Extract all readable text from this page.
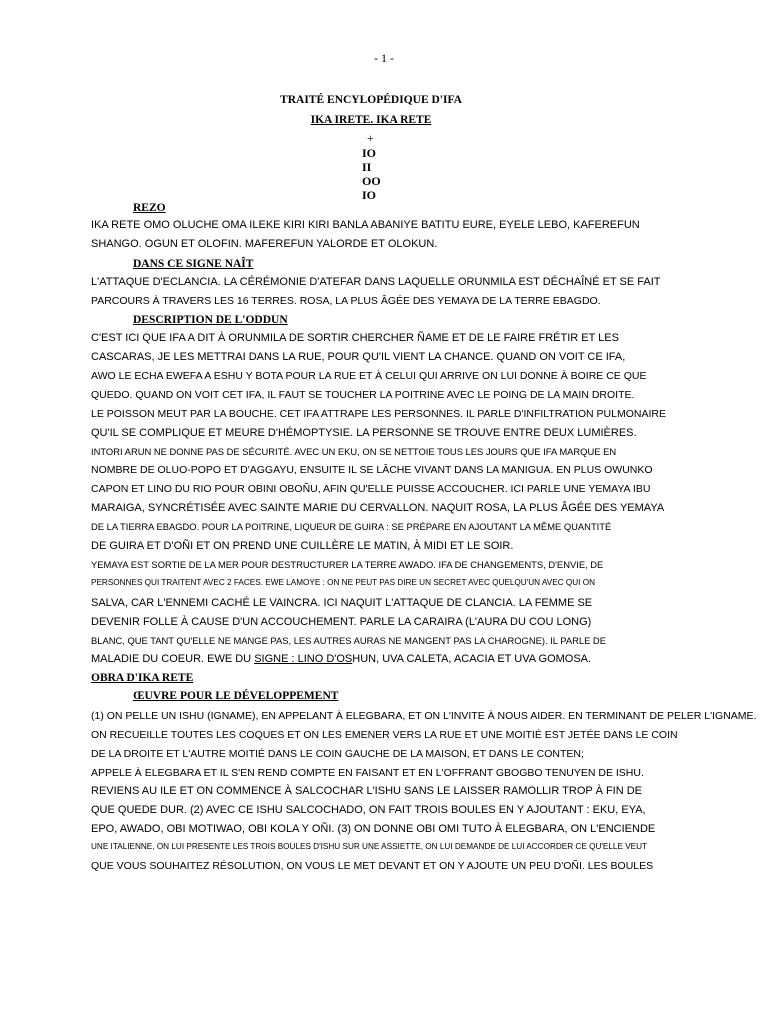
- 1 -
TRAITÉ ENCYLOPÉDIQUE D'IFA
IKA IRETE. IKA RETE
+
IO
II
OO
IO
REZO
IKA RETE OMO OLUCHE OMA ILEKE KIRI KIRI BANLA ABANIYE BATITU EURE, EYELE LEBO, KAFEREFUN
SHANGO. OGUN ET OLOFIN. MAFEREFUN YALORDE ET OLOKUN.
DANS CE SIGNE NAÎT
L'ATTAQUE D'ECLANCIA. LA CÉRÉMONIE D'ATEFAR DANS LAQUELLE ORUNMILA EST DÉCHAÎNÉ ET SE FAIT
PARCOURS À TRAVERS LES 16 TERRES. ROSA, LA PLUS ÂGÉE DES YEMAYA DE LA TERRE EBAGDO.
DESCRIPTION DE L'ODDUN
C'EST ICI QUE IFA A DIT À ORUNMILA DE SORTIR CHERCHER ÑAME ET DE LE FAIRE FRÉTIR ET LES
CASCARAS, JE LES METTRAI DANS LA RUE, POUR QU'IL VIENT LA CHANCE. QUAND ON VOIT CE IFA,
AWO LE ECHA EWEFA A ESHU Y BOTA POUR LA RUE ET À CELUI QUI ARRIVE ON LUI DONNE À BOIRE CE QUE
QUEDO. QUAND ON VOIT CET IFA, IL FAUT SE TOUCHER LA POITRINE AVEC LE POING DE LA MAIN DROITE.
LE POISSON MEUT PAR LA BOUCHE. CET IFA ATTRAPE LES PERSONNES. IL PARLE D'INFILTRATION PULMONAIRE
QU'IL SE COMPLIQUE ET MEURE D'HÉMOPTYSIE. LA PERSONNE SE TROUVE ENTRE DEUX LUMIÈRES.
INTORI ARUN NE DONNE PAS DE SÉCURITÉ. AVEC UN EKU, ON SE NETTOIE TOUS LES JOURS QUE IFA MARQUE EN
NOMBRE DE OLUO-POPO ET D'AGGAYU, ENSUITE IL SE LÂCHE VIVANT DANS LA MANIGUA. EN PLUS OWUNKO
CAPON ET LINO DU RIO POUR OBINI OBOÑU, AFIN QU'ELLE PUISSE ACCOUCHER. ICI PARLE UNE YEMAYA IBU
MARAIGA, SYNCRÉTISÉE AVEC SAINTE MARIE DU CERVALLON. NAQUIT ROSA, LA PLUS ÂGÉE DES YEMAYA
DE LA TIERRA EBAGDO. POUR LA POITRINE, LIQUEUR DE GUIRA : SE PRÉPARE EN AJOUTANT LA MÊME QUANTITÉ
DE GUIRA ET D'OÑI ET ON PREND UNE CUILLÈRE LE MATIN, À MIDI ET LE SOIR.
YEMAYA EST SORTIE DE LA MER POUR DESTRUCTURER LA TERRE AWADO. IFA DE CHANGEMENTS, D'ENVIE, DE
PERSONNES QUI TRAITENT AVEC 2 FACES. EWE LAMOYE : ON NE PEUT PAS DIRE UN SECRET AVEC QUELQU'UN AVEC QUI ON
SALVA, CAR L'ENNEMI CACHÉ LE VAINCRA. ICI NAQUIT L'ATTAQUE DE CLANCIA. LA FEMME SE
DEVENIR FOLLE À CAUSE D'UN ACCOUCHEMENT. PARLE LA CARAIRA (L'AURA DU COU LONG)
BLANC, QUE TANT QU'ELLE NE MANGE PAS, LES AUTRES AURAS NE MANGENT PAS LA CHAROGNE). IL PARLE DE
MALADIE DU COEUR. EWE DU SIGNE : LINO D'OSHUN, UVA CALETA, ACACIA ET UVA GOMOSA.
OBRA D'IKA RETE
ŒUVRE POUR LE DÉVELOPPEMENT
(1) ON PELLE UN ISHU (IGNAME), EN APPELANT À ELEGBARA, ET ON L'INVITE À NOUS AIDER. EN TERMINANT DE PELER L'IGNAME.
ON RECUEILLE TOUTES LES COQUES ET ON LES EMENER VERS LA RUE ET UNE MOITIÉ EST JETÉE DANS LE COIN
DE LA DROITE ET L'AUTRE MOITIÉ DANS LE COIN GAUCHE DE LA MAISON, ET DANS LE CONTEN;
APPELE À ELEGBARA ET IL S'EN REND COMPTE EN FAISANT ET EN L'OFFRANT GBOGBO TENUYEN DE ISHU.
REVIENS AU ILE ET ON COMMENCE À SALCOCHAR L'ISHU SANS LE LAISSER RAMOLLIR TROP À FIN DE
QUE QUEDE DUR. (2) AVEC CE ISHU SALCOCHADO, ON FAIT TROIS BOULES EN Y AJOUTANT : EKU, EYA,
EPO, AWADO, OBI MOTIWAO, OBI KOLA Y OÑI. (3) ON DONNE OBI OMI TUTO À ELEGBARA, ON L'ENCIENDE
UNE ITALIENNE, ON LUI PRESENTE LES TROIS BOULES D'ISHU SUR UNE ASSIETTE, ON LUI DEMANDE DE LUI ACCORDER CE QU'ELLE VEUT
QUE VOUS SOUHAITEZ RÉSOLUTION, ON VOUS LE MET DEVANT ET ON Y AJOUTE UN PEU D'OÑI. LES BOULES
